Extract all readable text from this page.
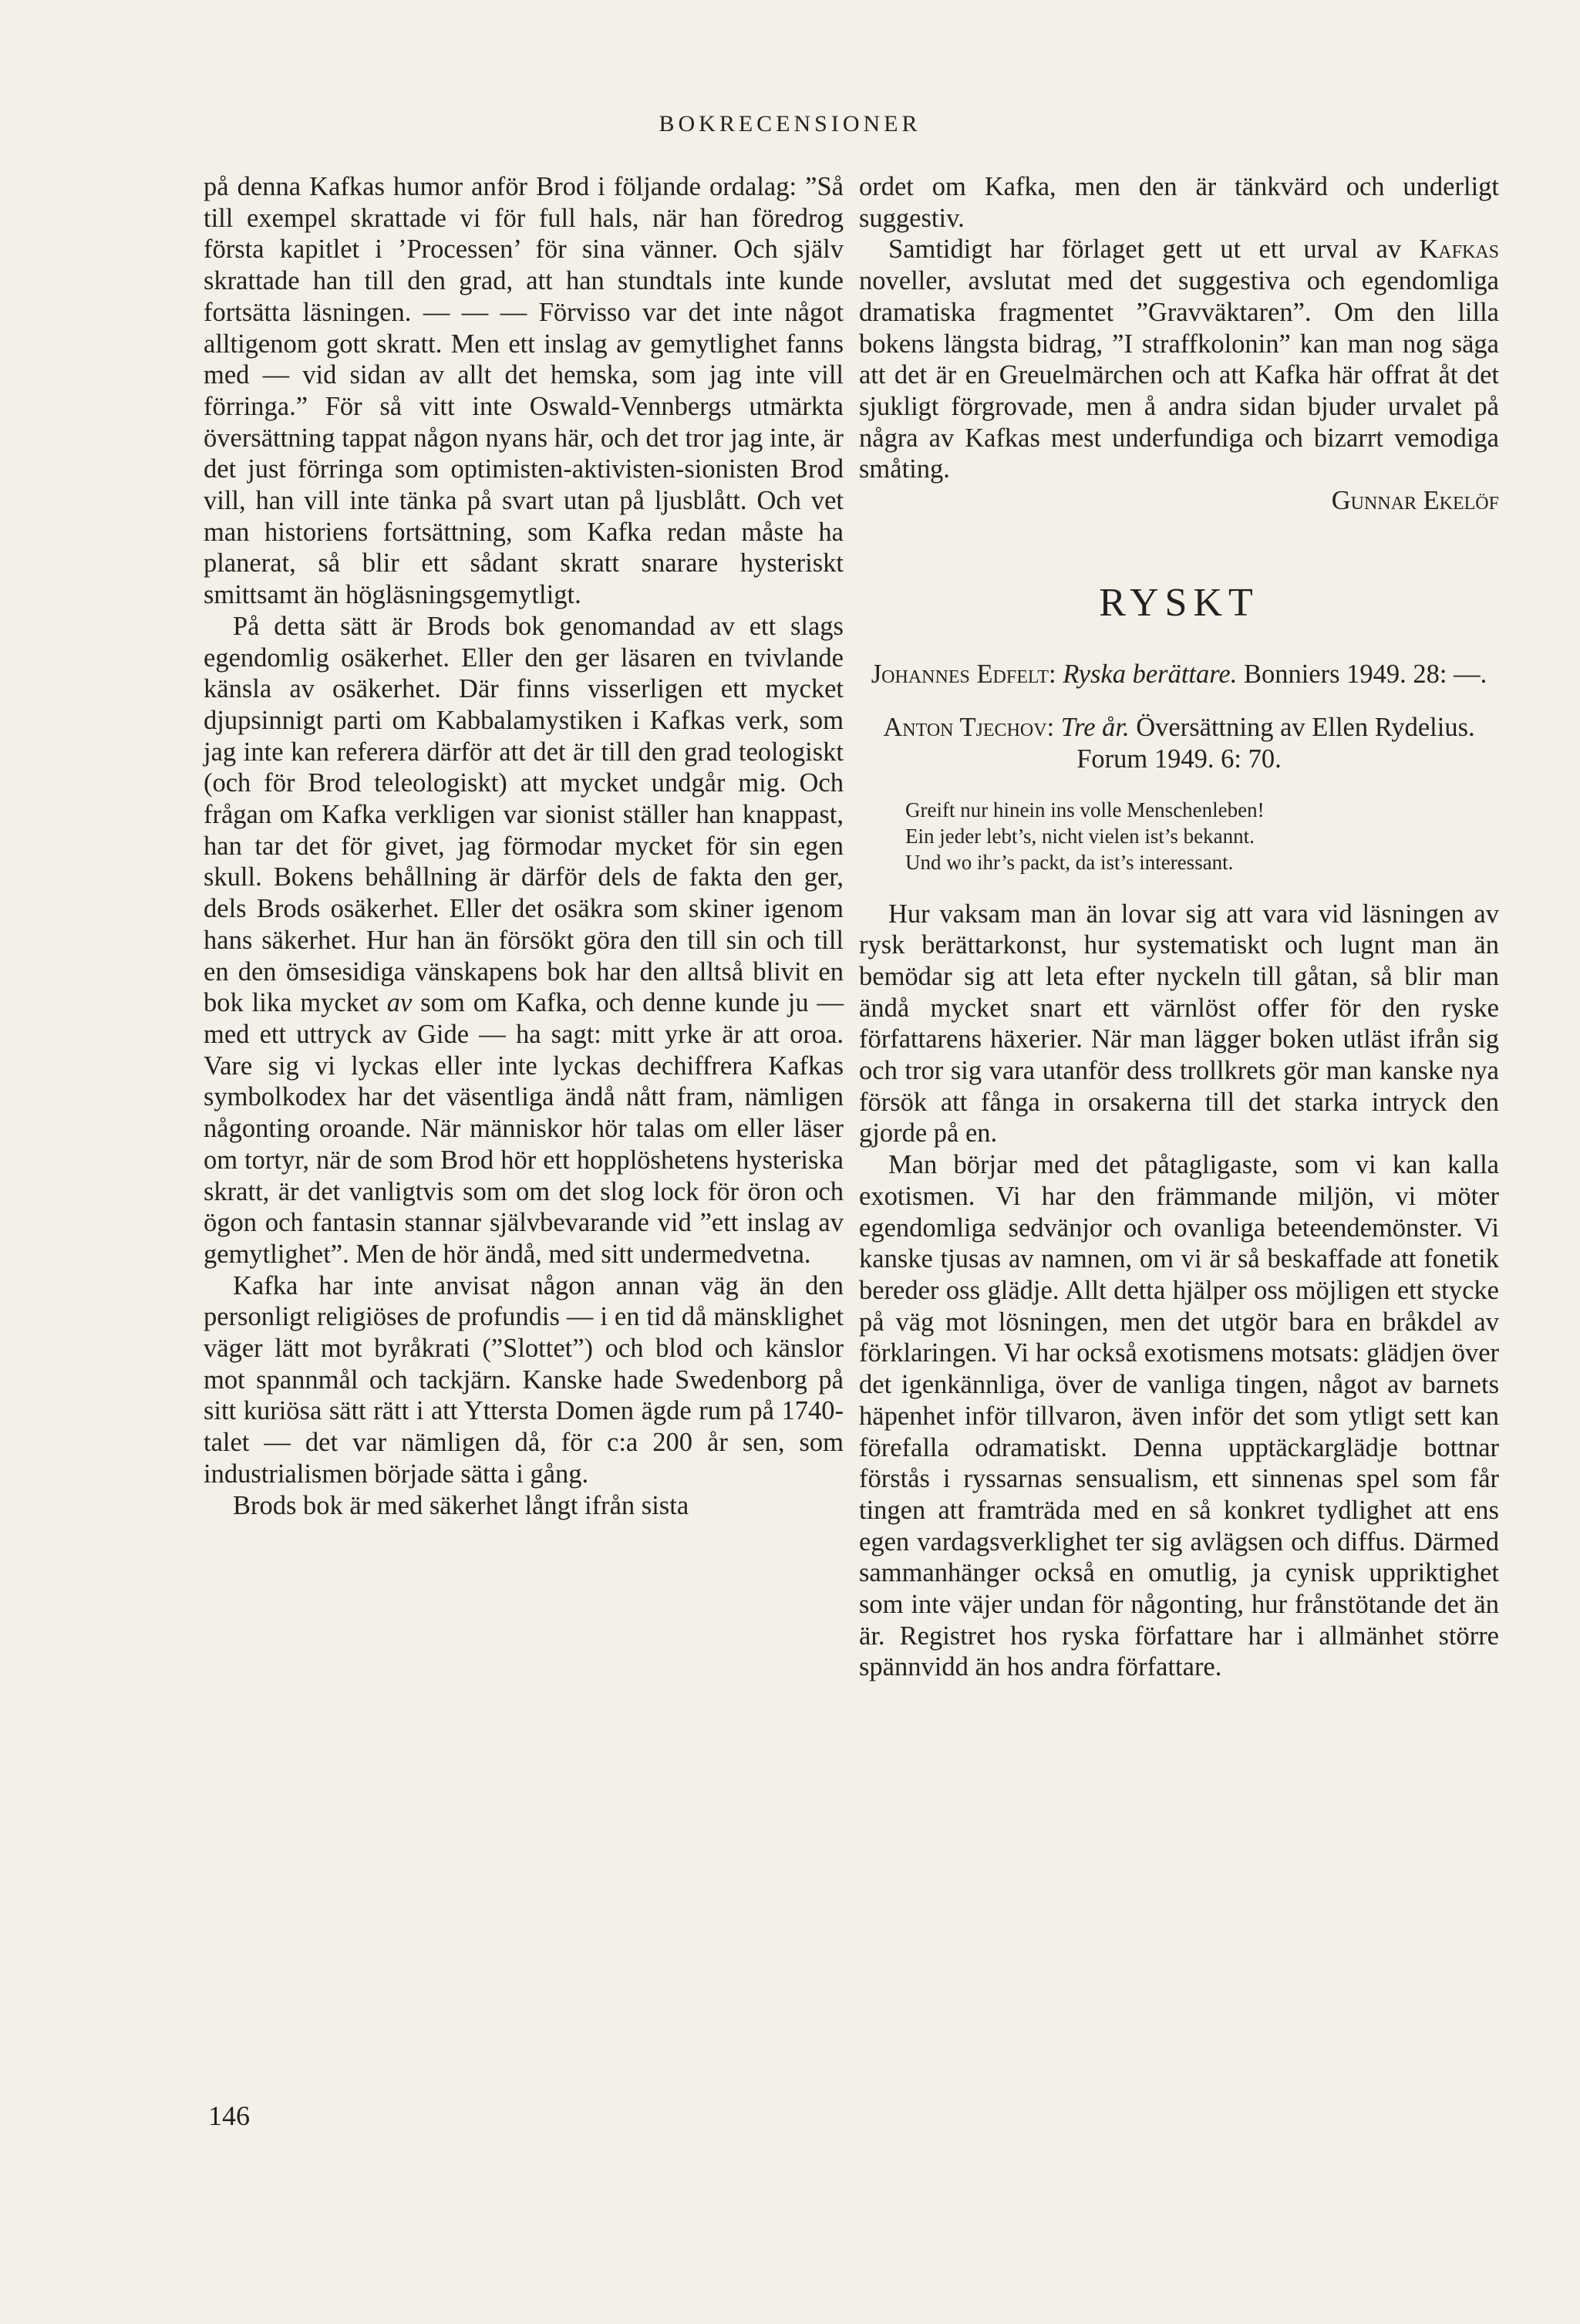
BOKRECENSIONER

på denna Kafkas humor anför Brod i följande ordalag: ”Så till exempel skrattade vi för full hals, när han föredrog första kapitlet i ’Processen’ för sina vänner. Och själv skrattade han till den grad, att han stundtals inte kunde fortsätta läsningen. — — — Förvisso var det inte något alltigenom gott skratt. Men ett inslag av gemytlighet fanns med — vid sidan av allt det hemska, som jag inte vill förringa.” För så vitt inte Oswald-Vennbergs utmärkta översättning tappat någon nyans här, och det tror jag inte, är det just förringa som optimisten-aktivisten-sionisten Brod vill, han vill inte tänka på svart utan på ljusblått. Och vet man historiens fortsättning, som Kafka redan måste ha planerat, så blir ett sådant skratt snarare hysteriskt smittsamt än högläsningsgemytligt.

På detta sätt är Brods bok genomandad av ett slags egendomlig osäkerhet. Eller den ger läsaren en tvivlande känsla av osäkerhet. Där finns visserligen ett mycket djupsinnigt parti om Kabbalamystiken i Kafkas verk, som jag inte kan referera därför att det är till den grad teologiskt (och för Brod teleologiskt) att mycket undgår mig. Och frågan om Kafka verkligen var sionist ställer han knappast, han tar det för givet, jag förmodar mycket för sin egen skull. Bokens behållning är därför dels de fakta den ger, dels Brods osäkerhet. Eller det osäkra som skiner igenom hans säkerhet. Hur han än försökt göra den till sin och till en den ömsesidiga vänskapens bok har den alltså blivit en bok lika mycket av som om Kafka, och denne kunde ju — med ett uttryck av Gide — ha sagt: mitt yrke är att oroa. Vare sig vi lyckas eller inte lyckas dechiffrera Kafkas symbolkodex har det väsentliga ändå nått fram, nämligen någonting oroande. När människor hör talas om eller läser om tortyr, när de som Brod hör ett hopplöshetens hysteriska skratt, är det vanligtvis som om det slog lock för öron och ögon och fantasin stannar självbevarande vid ”ett inslag av gemytlighet”. Men de hör ändå, med sitt undermedvetna.

Kafka har inte anvisat någon annan väg än den personligt religiöses de profundis — i en tid då mänsklighet väger lätt mot byråkrati (”Slottet”) och blod och känslor mot spannmål och tackjärn. Kanske hade Swedenborg på sitt kuriösa sätt rätt i att Yttersta Domen ägde rum på 1740-talet — det var nämligen då, för c:a 200 år sen, som industrialismen började sätta i gång.

Brods bok är med säkerhet långt ifrån sista

ordet om Kafka, men den är tänkvärd och underligt suggestiv.

Samtidigt har förlaget gett ut ett urval av Kafkas noveller, avslutat med det suggestiva och egendomliga dramatiska fragmentet ”Gravväktaren”. Om den lilla bokens längsta bidrag, ”I straffkolonin” kan man nog säga att det är en Greuelmärchen och att Kafka här offrat åt det sjukligt förgrovade, men å andra sidan bjuder urvalet på några av Kafkas mest underfundiga och bizarrt vemodiga småting.

Gunnar Ekelöf

RYSKT
Johannes Edfelt: Ryska berättare. Bonniers 1949. 28: —.
Anton Tjechov: Tre år. Översättning av Ellen Rydelius. Forum 1949. 6: 70.
Greift nur hinein ins volle Menschenleben!
Ein jeder lebt’s, nicht vielen ist’s bekannt.
Und wo ihr’s packt, da ist’s interessant.

Hur vaksam man än lovar sig att vara vid läsningen av rysk berättarkonst, hur systematiskt och lugnt man än bemödar sig att leta efter nyckeln till gåtan, så blir man ändå mycket snart ett värnlöst offer för den ryske författarens häxerier. När man lägger boken utläst ifrån sig och tror sig vara utanför dess trollkrets gör man kanske nya försök att fånga in orsakerna till det starka intryck den gjorde på en.

Man börjar med det påtagligaste, som vi kan kalla exotismen. Vi har den främmande miljön, vi möter egendomliga sedvänjor och ovanliga beteendemönster. Vi kanske tjusas av namnen, om vi är så beskaffade att fonetik bereder oss glädje. Allt detta hjälper oss möjligen ett stycke på väg mot lösningen, men det utgör bara en bråkdel av förklaringen. Vi har också exotismens motsats: glädjen över det igenkännliga, över de vanliga tingen, något av barnets häpenhet inför tillvaron, även inför det som ytligt sett kan förefalla odramatiskt. Denna upptäckarglädje bottnar förstås i ryssarnas sensualism, ett sinnenas spel som får tingen att framträda med en så konkret tydlighet att ens egen vardagsverklighet ter sig avlägsen och diffus. Därmed sammanhänger också en omutlig, ja cynisk uppriktighet som inte väjer undan för någonting, hur frånstötande det än är. Registret hos ryska författare har i allmänhet större spännvidd än hos andra författare.

146
